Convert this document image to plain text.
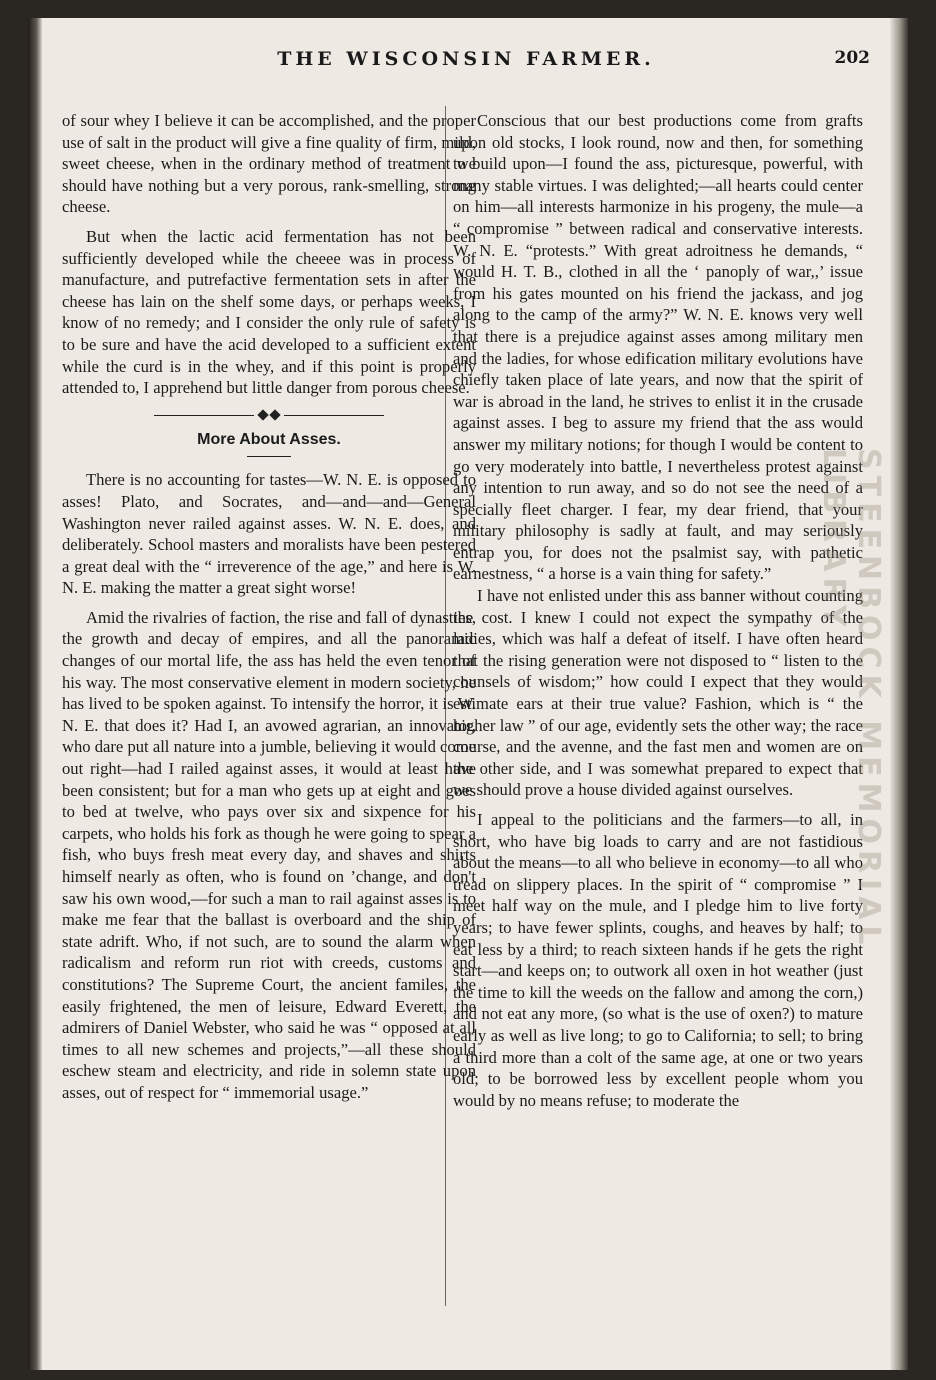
THE WISCONSIN FARMER.	202

of sour whey I believe it can be accomplished, and the proper use of salt in the product will give a fine quality of firm, mild, sweet cheese, when in the ordinary method of treatment we should have nothing but a very porous, rank-smelling, strong cheese.

But when the lactic acid fermentation has not been sufficiently developed while the cheeee was in process of manufacture, and putrefactive fermentation sets in after the cheese has lain on the shelf some days, or perhaps weeks, I know of no remedy; and I consider the only rule of safety is to be sure and have the acid developed to a sufficient extent while the curd is in the whey, and if this point is properly attended to, I apprehend but little danger from porous cheese.

More About Asses.

There is no accounting for tastes—W. N. E. is opposed to asses! Plato, and Socrates, and—and—and—General Washington never railed against asses. W. N. E. does, and deliberately. School masters and moralists have been pestered a great deal with the “ irreverence of the age,” and here is W. N. E. making the matter a great sight worse!

Amid the rivalries of faction, the rise and fall of dynasties, the growth and decay of empires, and all the panoramic changes of our mortal life, the ass has held the even tenor of his way. The most conservative element in modern society, he has lived to be spoken against. To intensify the horror, it is W. N. E. that does it? Had I, an avowed agrarian, an innovator, who dare put all nature into a jumble, believing it would come out right—had I railed against asses, it would at least have been consistent; but for a man who gets up at eight and goes to bed at twelve, who pays over six and sixpence for his carpets, who holds his fork as though he were going to spear a fish, who buys fresh meat every day, and shaves and shirts himself nearly as often, who is found on ’change, and don't saw his own wood,—for such a man to rail against asses is to make me fear that the ballast is overboard and the ship of state adrift. Who, if not such, are to sound the alarm when radicalism and reform run riot with creeds, customs and constitutions? The Supreme Court, the ancient familes, the easily frightened, the men of leisure, Edward Everett, the admirers of Daniel Webster, who said he was “ opposed at all times to all new schemes and projects,”—all these should eschew steam and electricity, and ride in solemn state upon asses, out of respect for “ immemorial usage.”

Conscious that our best productions come from grafts upon old stocks, I look round, now and then, for something to build upon—I found the ass, picturesque, powerful, with many stable virtues. I was delighted;—all hearts could center on him—all interests harmonize in his progeny, the mule—a “ compromise ” between radical and conservative interests. W. N. E. “protests.” With great adroitness he demands, “ would H. T. B., clothed in all the ‘ panoply of war,,’ issue from his gates mounted on his friend the jackass, and jog along to the camp of the army?” W. N. E. knows very well that there is a prejudice against asses among military men and the ladies, for whose edification military evolutions have chiefly taken place of late years, and now that the spirit of war is abroad in the land, he strives to enlist it in the crusade against asses. I beg to assure my friend that the ass would answer my military notions; for though I would be content to go very moderately into battle, I nevertheless protest against any intention to run away, and so do not see the need of a specially fleet charger. I fear, my dear friend, that your military philosophy is sadly at fault, and may seriously entrap you, for does not the psalmist say, with pathetic earnestness, “ a horse is a vain thing for safety.”

I have not enlisted under this ass banner without counting the cost. I knew I could not expect the sympathy of the ladies, which was half a defeat of itself. I have often heard that the rising generation were not disposed to “ listen to the counsels of wisdom;” how could I expect that they would estimate ears at their true value? Fashion, which is “ the higher law ” of our age, evidently sets the other way; the race course, and the avenne, and the fast men and women are on the other side, and I was somewhat prepared to expect that we should prove a house divided against ourselves.

I appeal to the politicians and the farmers—to all, in short, who have big loads to carry and are not fastidious about the means—to all who believe in economy—to all who tread on slippery places. In the spirit of “ compromise ” I meet half way on the mule, and I pledge him to live forty years; to have fewer splints, coughs, and heaves by half; to eat less by a third; to reach sixteen hands if he gets the right start—and keeps on; to outwork all oxen in hot weather (just the time to kill the weeds on the fallow and among the corn,) and not eat any more, (so what is the use of oxen?) to mature early as well as live long; to go to California; to sell; to bring a third more than a colt of the same age, at one or two years old; to be borrowed less by excellent people whom you would by no means refuse; to moderate the

STEENBOCK MEMORIAL LIBRARY
